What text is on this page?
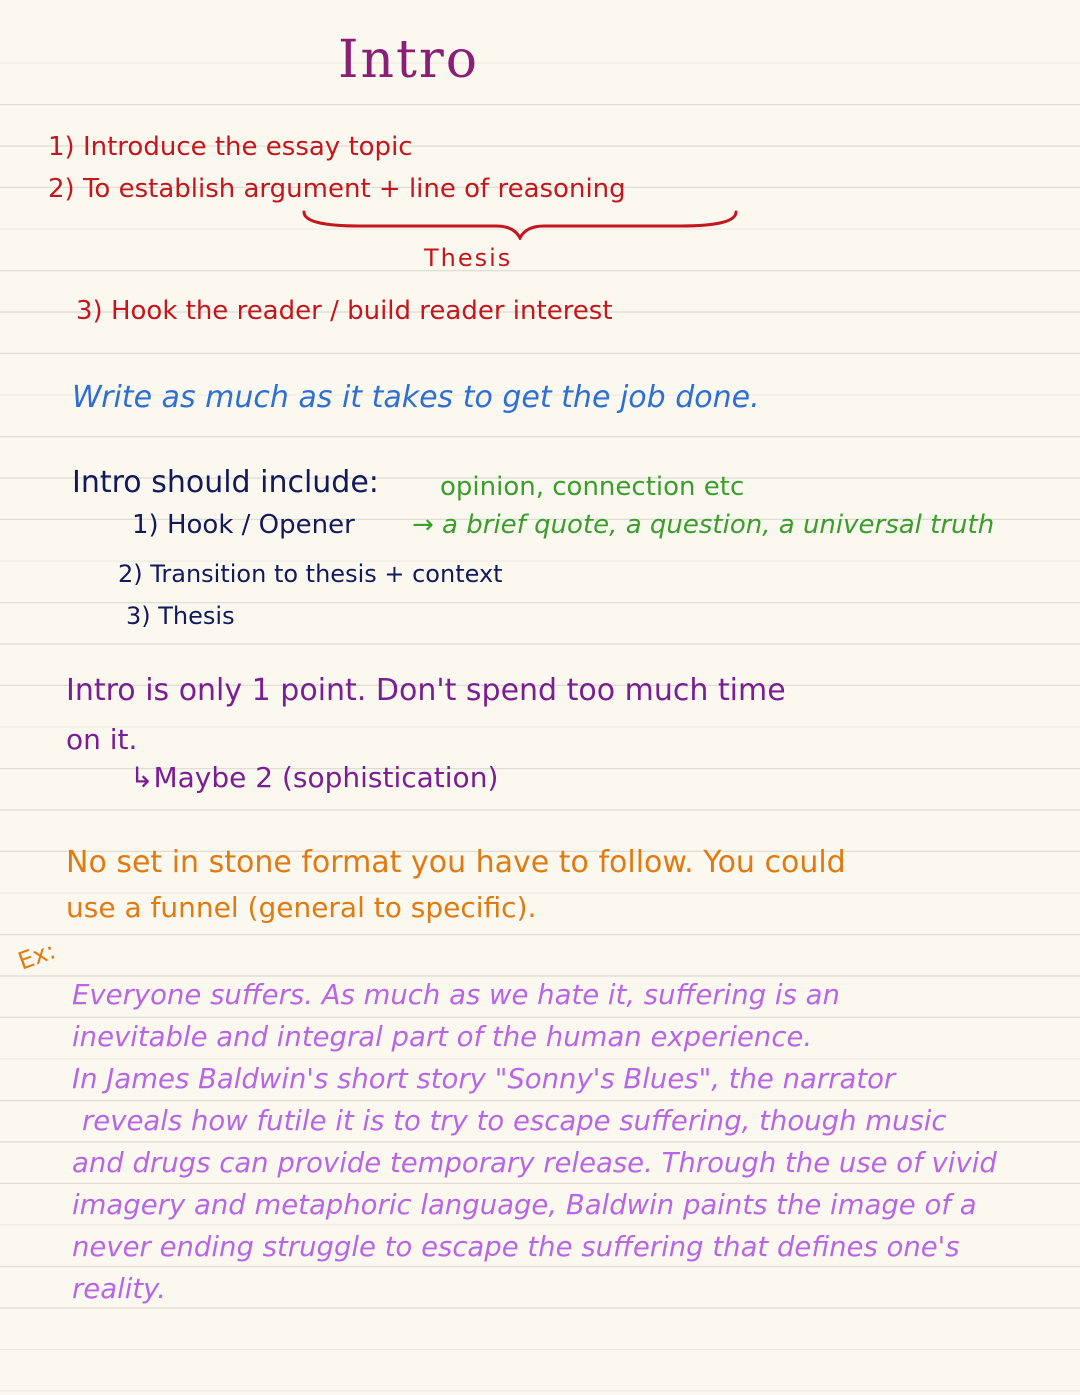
Intro
1) Introduce the essay topic
2) To establish argument + line of reasoning
Thesis
3) Hook the reader / build reader interest
Write as much as it takes to get the job done.
Intro should include: opinion, connection etc
1) Hook / Opener → a brief quote, a question, a universal truth
2) Transition to thesis + context
3) Thesis
Intro is only 1 point. Don't spend too much time
on it.
↳Maybe 2 (sophistication)
No set in stone format you have to follow. You could
use a funnel (general to specific).
Ex:
Everyone suffers. As much as we hate it, suffering is an
inevitable and integral part of the human experience.
In James Baldwin's short story "Sonny's Blues", the narrator
reveals how futile it is to try to escape suffering, though music
and drugs can provide temporary release. Through the use of vivid
imagery and metaphoric language, Baldwin paints the image of a
never ending struggle to escape the suffering that defines one's
reality.
